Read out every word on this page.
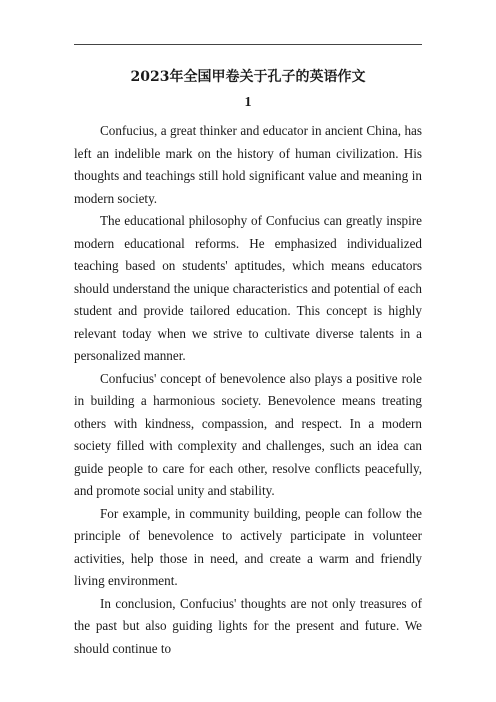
2023年全国甲卷关于孔子的英语作文
1

Confucius, a great thinker and educator in ancient China, has left an indelible mark on the history of human civilization. His thoughts and teachings still hold significant value and meaning in modern society.

The educational philosophy of Confucius can greatly inspire modern educational reforms. He emphasized individualized teaching based on students' aptitudes, which means educators should understand the unique characteristics and potential of each student and provide tailored education. This concept is highly relevant today when we strive to cultivate diverse talents in a personalized manner.

Confucius' concept of benevolence also plays a positive role in building a harmonious society. Benevolence means treating others with kindness, compassion, and respect. In a modern society filled with complexity and challenges, such an idea can guide people to care for each other, resolve conflicts peacefully, and promote social unity and stability.

For example, in community building, people can follow the principle of benevolence to actively participate in volunteer activities, help those in need, and create a warm and friendly living environment.

In conclusion, Confucius' thoughts are not only treasures of the past but also guiding lights for the present and future. We should continue to
